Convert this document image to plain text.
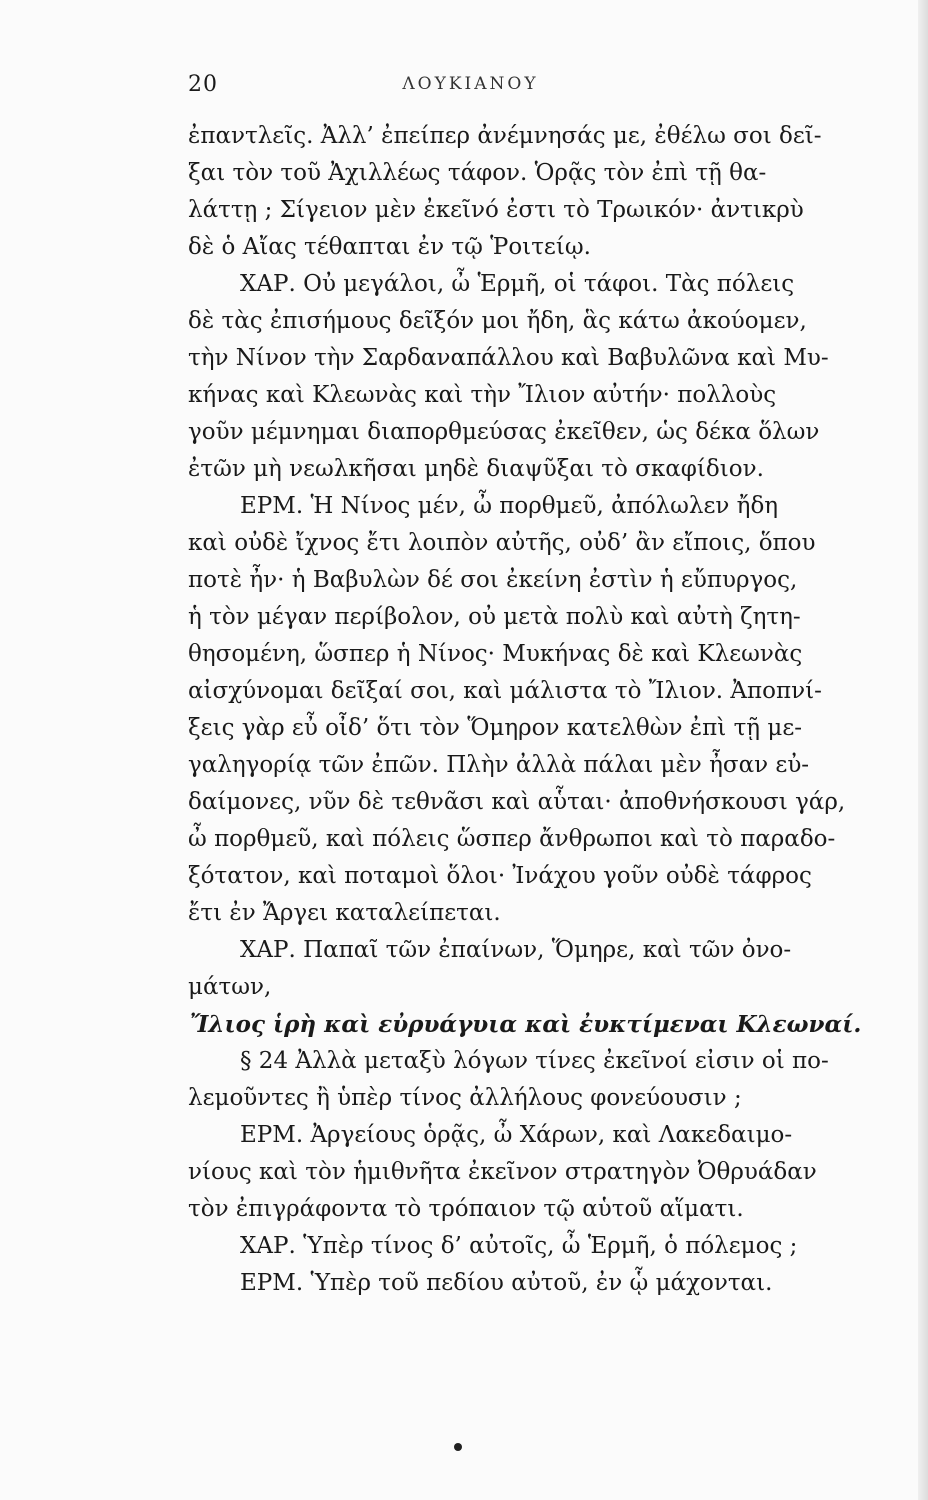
20	ΛΟΥΚΙΑΝΟΥ
ἐπαντλεῖς. Ἀλλ’ ἐπείπερ ἀνέμνησάς με, ἐθέλω σοι δεῖ-
ξαι τὸν τοῦ Ἀχιλλέως τάφον. Ὁρᾷς τὸν ἐπὶ τῇ θα-
λάττῃ ; Σίγειον μὲν ἐκεῖνό ἐστι τὸ Τρωικόν· ἀντικρὺ
δὲ ὁ Αἴας τέθαπται ἐν τῷ Ῥοιτείῳ.
ΧΑΡ. Οὐ μεγάλοι, ὦ Ἑρμῆ, οἱ τάφοι. Τὰς πόλεις
δὲ τὰς ἐπισήμους δεῖξόν μοι ἤδη, ἃς κάτω ἀκούομεν,
τὴν Νίνον τὴν Σαρδαναπάλλου καὶ Βαβυλῶνα καὶ Μυ-
κήνας καὶ Κλεωνὰς καὶ τὴν Ἴλιον αὐτήν· πολλοὺς
γοῦν μέμνημαι διαπορθμεύσας ἐκεῖθεν, ὡς δέκα ὅλων
ἐτῶν μὴ νεωλκῆσαι μηδὲ διαψῦξαι τὸ σκαφίδιον.
ΕΡΜ. Ἡ Νίνος μέν, ὦ πορθμεῦ, ἀπόλωλεν ἤδη
καὶ οὐδὲ ἴχνος ἔτι λοιπὸν αὐτῆς, οὐδ’ ἂν εἴποις, ὅπου
ποτὲ ἦν· ἡ Βαβυλὼν δέ σοι ἐκείνη ἐστὶν ἡ εὔπυργος,
ἡ τὸν μέγαν περίβολον, οὐ μετὰ πολὺ καὶ αὐτὴ ζητη-
θησομένη, ὥσπερ ἡ Νίνος· Μυκήνας δὲ καὶ Κλεωνὰς
αἰσχύνομαι δεῖξαί σοι, καὶ μάλιστα τὸ Ἴλιον. Ἀποπνί-
ξεις γὰρ εὖ οἶδ’ ὅτι τὸν Ὅμηρον κατελθὼν ἐπὶ τῇ με-
γαληγορίᾳ τῶν ἐπῶν. Πλὴν ἀλλὰ πάλαι μὲν ἦσαν εὐ-
δαίμονες, νῦν δὲ τεθνᾶσι καὶ αὗται· ἀποθνήσκουσι γάρ,
ὦ πορθμεῦ, καὶ πόλεις ὥσπερ ἄνθρωποι καὶ τὸ παραδο-
ξότατον, καὶ ποταμοὶ ὅλοι· Ἰνάχου γοῦν οὐδὲ τάφρος
ἔτι ἐν Ἄργει καταλείπεται.
ΧΑΡ. Παπαῖ τῶν ἐπαίνων, Ὅμηρε, καὶ τῶν ὀνο-
μάτων,
Ἴλιος ἱρὴ καὶ εὐρυάγυια καὶ ἐυκτίμεναι Κλεωναί.
§ 24 Ἀλλὰ μεταξὺ λόγων τίνες ἐκεῖνοί εἰσιν οἱ πο-
λεμοῦντες ἢ ὑπὲρ τίνος ἀλλήλους φονεύουσιν ;
ΕΡΜ. Ἀργείους ὁρᾷς, ὦ Χάρων, καὶ Λακεδαιμο-
νίους καὶ τὸν ἡμιθνῆτα ἐκεῖνον στρατηγὸν Ὀθρυάδαν
τὸν ἐπιγράφοντα τὸ τρόπαιον τῷ αὑτοῦ αἵματι.
ΧΑΡ. Ὑπὲρ τίνος δ’ αὐτοῖς, ὦ Ἑρμῆ, ὁ πόλεμος ;
ΕΡΜ. Ὑπὲρ τοῦ πεδίου αὐτοῦ, ἐν ᾧ μάχονται.
